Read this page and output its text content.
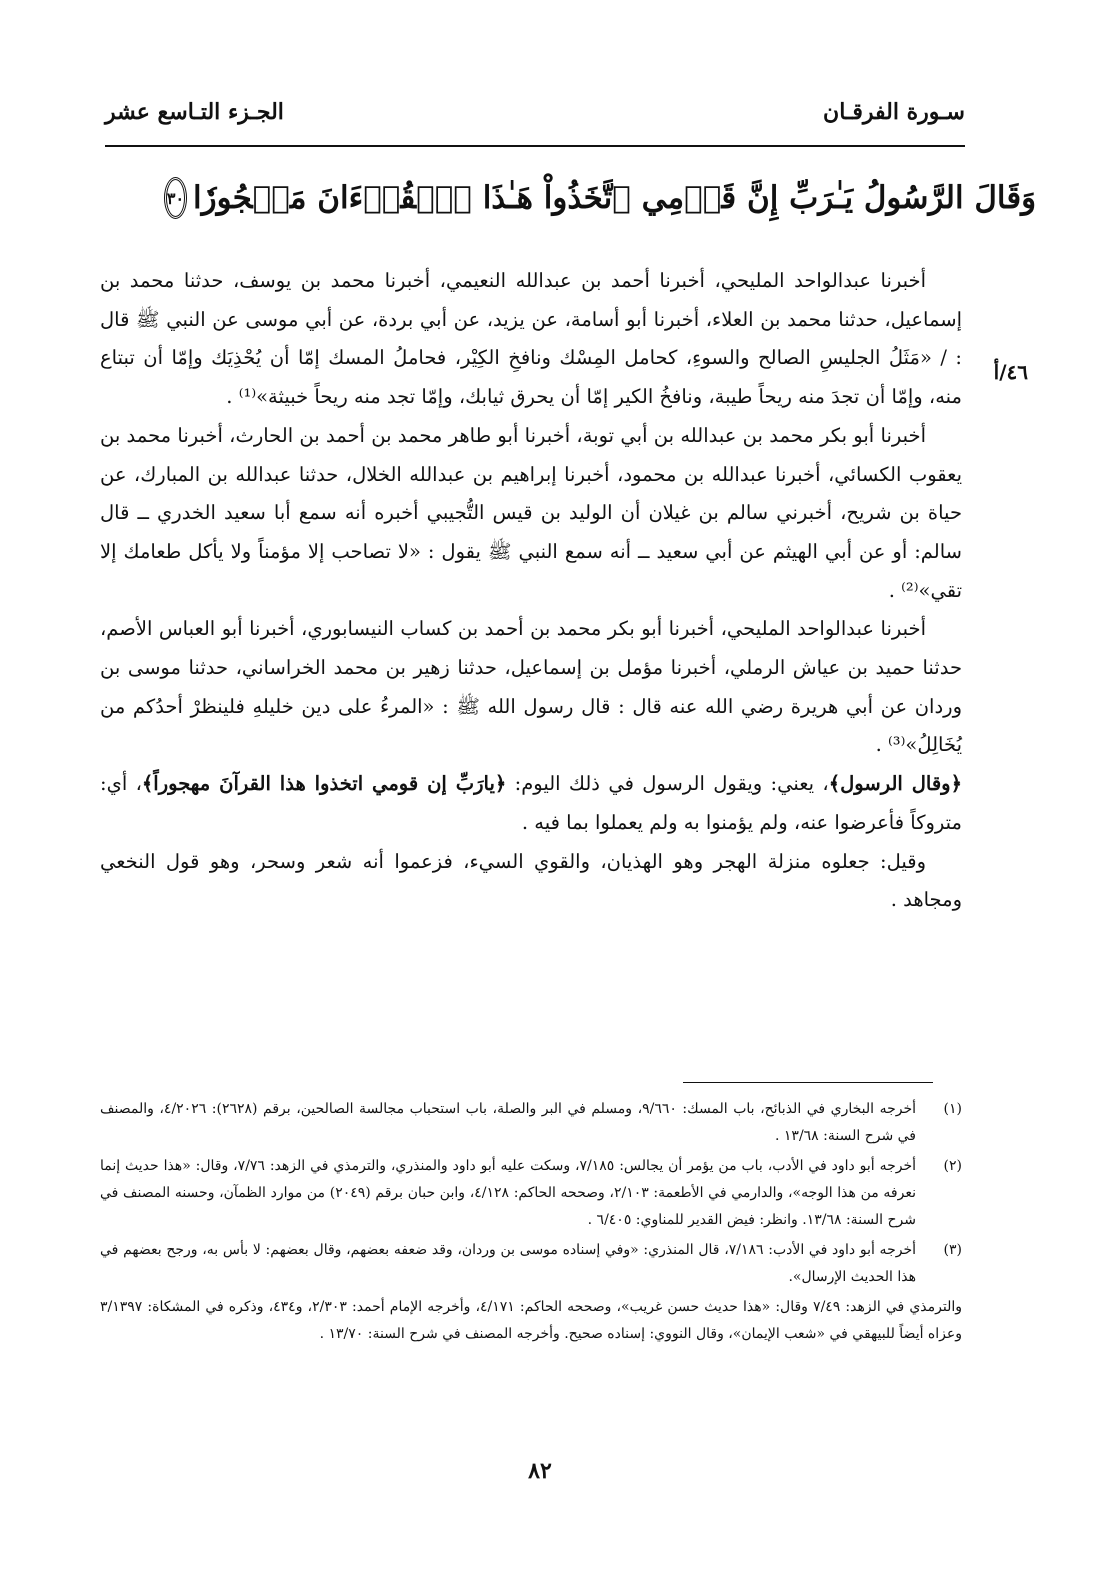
سـورة الفرقـان
الجـزء التـاسع عشر
وَقَالَ الرَّسُولُ يَـٰرَبِّ إِنَّ قَوۡمِي ٱتَّخَذُواْ هَـٰذَا ٱلۡقُرۡءَانَ مَهۡجُورٗا
٣٠
٤٦/أ

أخبرنا عبدالواحد المليحي، أخبرنا أحمد بن عبدالله النعيمي، أخبرنا محمد بن يوسف، حدثنا محمد بن إسماعيل، حدثنا محمد بن العلاء، أخبرنا أبو أسامة، عن يزيد، عن أبي بردة، عن أبي موسى عن النبي ﷺ قال : / «مَثَلُ الجليسِ الصالح والسوءِ، كحامل المِسْك ونافخِ الكِيْر، فحاملُ المسك إمّا أن يُحْذِيَك وإمّا أن تبتاع منه، وإمّا أن تجدَ منه ريحاً طيبة، ونافخُ الكير إمّا أن يحرق ثيابك، وإمّا تجد منه ريحاً خبيثة»⁽¹⁾ .

أخبرنا أبو بكر محمد بن عبدالله بن أبي توبة، أخبرنا أبو طاهر محمد بن أحمد بن الحارث، أخبرنا محمد بن يعقوب الكسائي، أخبرنا عبدالله بن محمود، أخبرنا إبراهيم بن عبدالله الخلال، حدثنا عبدالله بن المبارك، عن حياة بن شريح، أخبرني سالم بن غيلان أن الوليد بن قيس التُّجيبي أخبره أنه سمع أبا سعيد الخدري ــ قال سالم: أو عن أبي الهيثم عن أبي سعيد ــ أنه سمع النبي ﷺ يقول : «لا تصاحب إلا مؤمناً ولا يأكل طعامك إلا تقي»⁽²⁾ .

أخبرنا عبدالواحد المليحي، أخبرنا أبو بكر محمد بن أحمد بن كساب النيسابوري، أخبرنا أبو العباس الأصم، حدثنا حميد بن عياش الرملي، أخبرنا مؤمل بن إسماعيل، حدثنا زهير بن محمد الخراساني، حدثنا موسى بن وردان عن أبي هريرة رضي الله عنه قال : قال رسول الله ﷺ : «المرءُ على دين خليلهِ فلينظرْ أحدُكم من يُخَالِلُ»⁽³⁾ .

﴿وقال الرسول﴾، يعني: ويقول الرسول في ذلك اليوم: ﴿يارَبِّ إن قومي اتخذوا هذا القرآنَ مهجوراً﴾، أي: متروكاً فأعرضوا عنه، ولم يؤمنوا به ولم يعملوا بما فيه .

وقيل: جعلوه منزلة الهجر وهو الهذيان، والقوي السيء، فزعموا أنه شعر وسحر، وهو قول النخعي ومجاهد .

(١)
أخرجه البخاري في الذبائح، باب المسك: ٩/٦٦٠، ومسلم في البر والصلة، باب استحباب مجالسة الصالحين، برقم (٢٦٢٨): ٤/٢٠٢٦، والمصنف في شرح السنة: ١٣/٦٨ .
(٢)
أخرجه أبو داود في الأدب، باب من يؤمر أن يجالس: ٧/١٨٥، وسكت عليه أبو داود والمنذري، والترمذي في الزهد: ٧/٧٦، وقال: «هذا حديث إنما نعرفه من هذا الوجه»، والدارمي في الأطعمة: ٢/١٠٣، وصححه الحاكم: ٤/١٢٨، وابن حبان برقم (٢٠٤٩) من موارد الظمآن، وحسنه المصنف في شرح السنة: ١٣/٦٨. وانظر: فيض القدير للمناوي: ٦/٤٠٥ .
(٣)
أخرجه أبو داود في الأدب: ٧/١٨٦، قال المنذري: «وفي إسناده موسى بن وردان، وقد ضعفه بعضهم، وقال بعضهم: لا بأس به، ورجح بعضهم في هذا الحديث الإرسال».
والترمذي في الزهد: ٧/٤٩ وقال: «هذا حديث حسن غريب»، وصححه الحاكم: ٤/١٧١، وأخرجه الإمام أحمد: ٢/٣٠٣، و٤٣٤، وذكره في المشكاة: ٣/١٣٩٧ وعزاه أيضاً للبيهقي في «شعب الإيمان»، وقال النووي: إسناده صحيح. وأخرجه المصنف في شرح السنة: ١٣/٧٠ .
٨٢
